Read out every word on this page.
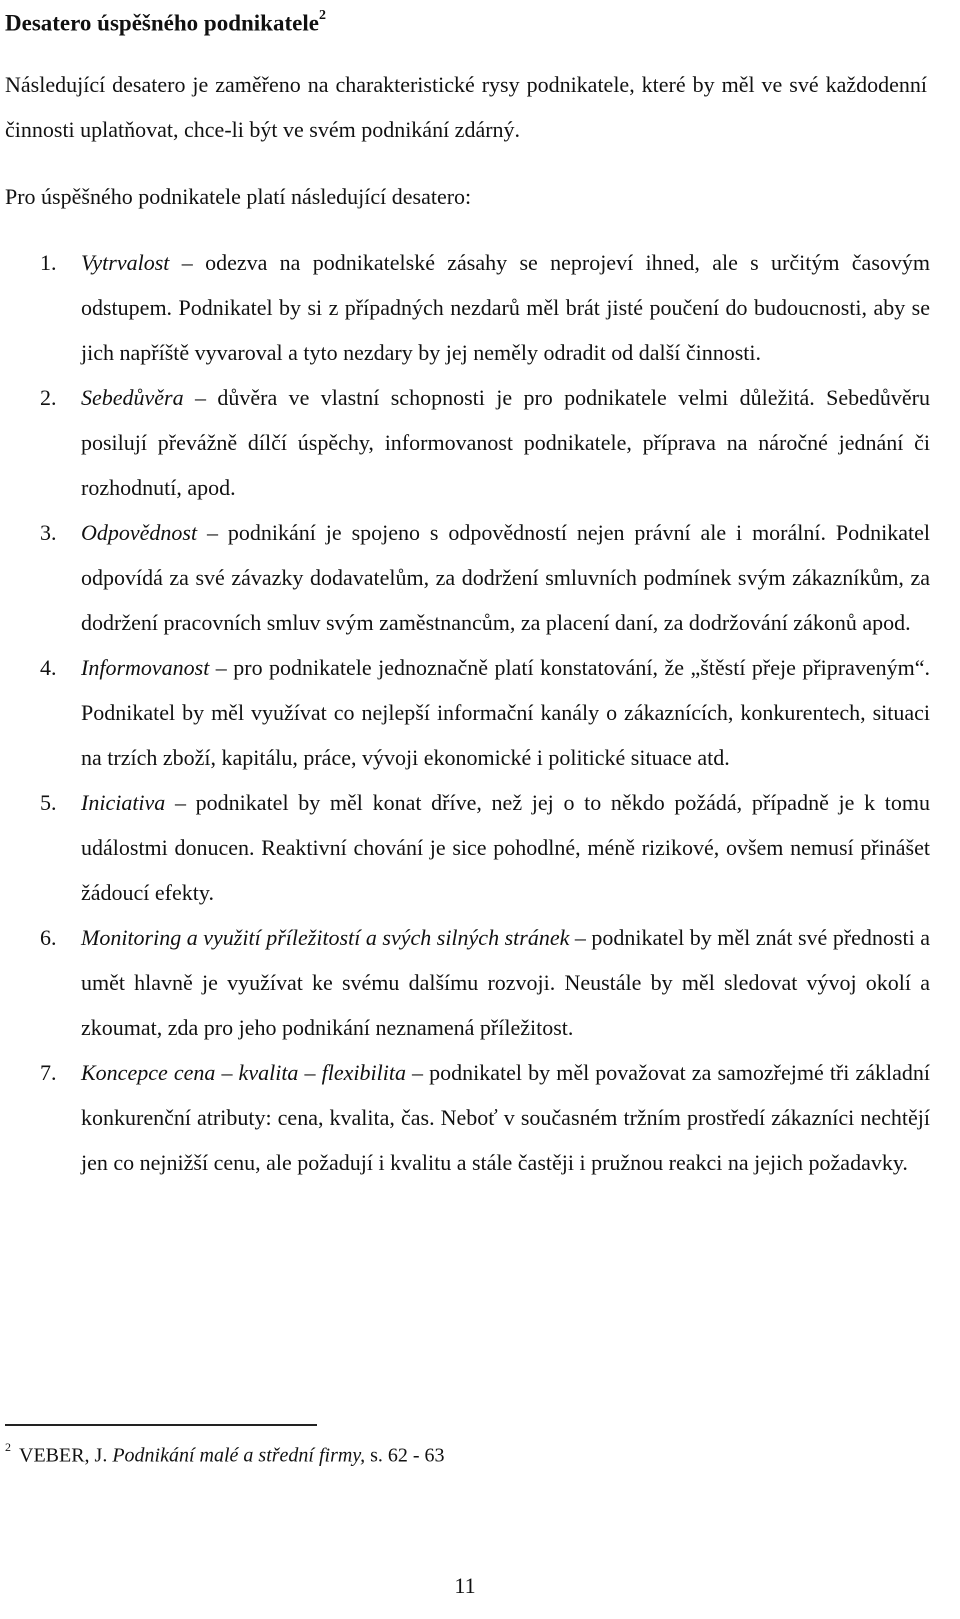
Desatero úspěšného podnikatele$^2$
Následující desatero je zaměřeno na charakteristické rysy podnikatele, které by měl ve své každodenní činnosti uplatňovat, chce-li být ve svém podnikání zdárný.
Pro úspěšného podnikatele platí následující desatero:
1. Vytrvalost – odezva na podnikatelské zásahy se neprojeví ihned, ale s určitým časovým odstupem. Podnikatel by si z případných nezdarů měl brát jisté poučení do budoucnosti, aby se jich napříště vyvaroval a tyto nezdary by jej neměly odradit od další činnosti.
2. Sebedůvěra – důvěra ve vlastní schopnosti je pro podnikatele velmi důležitá. Sebedůvěru posilují převážně dílčí úspěchy, informovanost podnikatele, příprava na náročné jednání či rozhodnutí, apod.
3. Odpovědnost – podnikání je spojeno s odpovědností nejen právní ale i morální. Podnikatel odpovídá za své závazky dodavatelům, za dodržení smluvních podmínek svým zákazníkům, za dodržení pracovních smluv svým zaměstnancům, za placení daní, za dodržování zákonů apod.
4. Informovanost – pro podnikatele jednoznačně platí konstatování, že „štěstí přeje připraveným“. Podnikatel by měl využívat co nejlepší informační kanály o zákaznících, konkurentech, situaci na trzích zboží, kapitálu, práce, vývoji ekonomické i politické situace atd.
5. Iniciativa – podnikatel by měl konat dříve, než jej o to někdo požádá, případně je k tomu událostmi donucen. Reaktivní chování je sice pohodlné, méně rizikové, ovšem nemusí přinášet žádoucí efekty.
6. Monitoring a využití příležitostí a svých silných stránek – podnikatel by měl znát své přednosti a umět hlavně je využívat ke svému dalšímu rozvoji. Neustále by měl sledovat vývoj okolí a zkoumat, zda pro jeho podnikání neznamená příležitost.
7. Koncepce cena – kvalita – flexibilita – podnikatel by měl považovat za samozřejmé tři základní konkurenční atributy: cena, kvalita, čas. Neboť v současném tržním prostředí zákazníci nechtějí jen co nejnižší cenu, ale požadují i kvalitu a stále častěji i pružnou reakci na jejich požadavky.
$^2$ VEBER, J. Podnikání malé a střední firmy, s. 62 - 63
11
